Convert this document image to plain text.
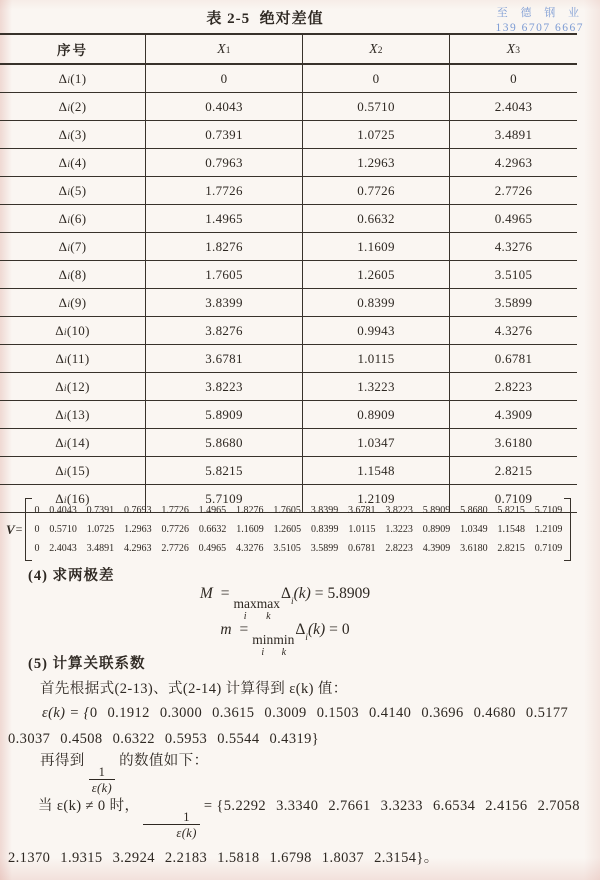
至 德 钢 业
139 6707 6667
表 2-5  绝对差值
序号	$X_1$	$X_2$	$X_3$
$\Delta_i$ (1)	0	0	0
$\Delta_i$ (2)	0.4043	0.5710	2.4043
$\Delta_i$ (3)	0.7391	1.0725	3.4891
$\Delta_i$ (4)	0.7963	1.2963	4.2963
$\Delta_i$ (5)	1.7726	0.7726	2.7726
$\Delta_i$ (6)	1.4965	0.6632	0.4965
$\Delta_i$ (7)	1.8276	1.1609	4.3276
$\Delta_i$ (8)	1.7605	1.2605	3.5105
$\Delta_i$ (9)	3.8399	0.8399	3.5899
$\Delta_i$ (10)	3.8276	0.9943	4.3276
$\Delta_i$ (11)	3.6781	1.0115	0.6781
$\Delta_i$ (12)	3.8223	1.3223	2.8223
$\Delta_i$ (13)	5.8909	0.8909	4.3909
$\Delta_i$ (14)	5.8680	1.0347	3.6180
$\Delta_i$ (15)	5.8215	1.1548	2.8215
$\Delta_i$ (16)	5.7109	1.2109	0.7109
V =
0 0.4043 0.7391 0.7693 1.7726 1.4965 1.8276 1.7605 3.8399 3.6781 3.8223 5.8909 5.8680 5.8215 5.7109
0 0.5710 1.0725 1.2963 0.7726 0.6632 1.1609 1.2605 0.8399 1.0115 1.3223 0.8909 1.0349 1.1548 1.2109
0 2.4043 3.4891 4.2963 2.7726 0.4965 4.3276 3.5105 3.5899 0.6781 2.8223 4.3909 3.6180 2.8215 0.7109
(4) 求两极差
M =
max
i
max
k
$\Delta_i(k) = 5.8909$
m =
min
i
min
k
$\Delta_i(k) = 0$
(5) 计算关联系数
首先根据式(2-13)、式(2-14) 计算得到 ε(k) 值：
ε(k) = {0 0.1912 0.3000 0.3615 0.3009 0.1503 0.4140 0.3696 0.4680 0.5177 0.3037 0.4508 0.6322 0.5953 0.5544 0.4319}
再得到
$\frac{1}{\varepsilon(k)}$
的数值如下：
当 ε(k) ≠ 0 时，
$\frac{1}{\varepsilon(k)}$
= {5.2292 3.3340 2.7661 3.3233 6.6534 2.4156 2.7058 2.1370 1.9315 3.2924 2.2183 1.5818 1.6798 1.8037 2.3154}。
